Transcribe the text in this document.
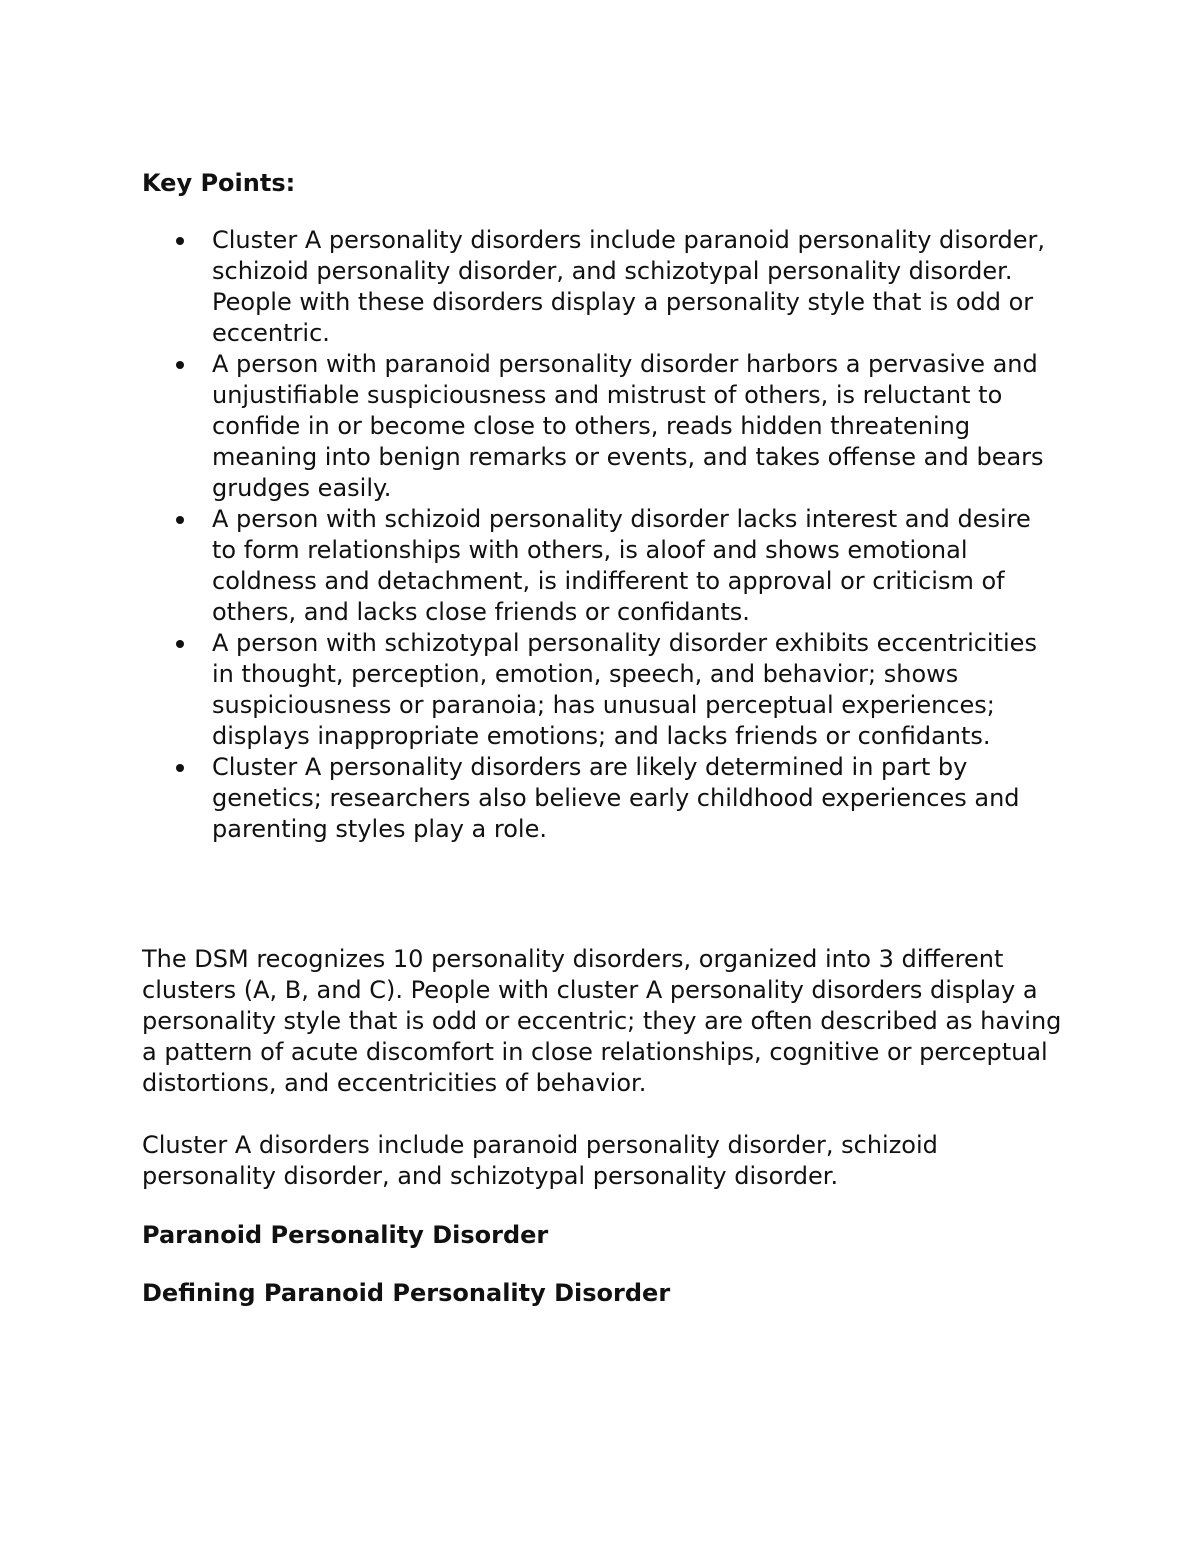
Key Points:

Cluster A personality disorders include paranoid personality disorder, schizoid personality disorder, and schizotypal personality disorder. People with these disorders display a personality style that is odd or eccentric.
A person with paranoid personality disorder harbors a pervasive and unjustifiable suspiciousness and mistrust of others, is reluctant to confide in or become close to others, reads hidden threatening meaning into benign remarks or events, and takes offense and bears grudges easily.
A person with schizoid personality disorder lacks interest and desire to form relationships with others, is aloof and shows emotional coldness and detachment, is indifferent to approval or criticism of others, and lacks close friends or confidants.
A person with schizotypal personality disorder exhibits eccentricities in thought, perception, emotion, speech, and behavior; shows suspiciousness or paranoia; has unusual perceptual experiences; displays inappropriate emotions; and lacks friends or confidants.
Cluster A personality disorders are likely determined in part by genetics; researchers also believe early childhood experiences and parenting styles play a role.

The DSM recognizes 10 personality disorders, organized into 3 different clusters (A, B, and C). People with cluster A personality disorders display a personality style that is odd or eccentric; they are often described as having a pattern of acute discomfort in close relationships, cognitive or perceptual distortions, and eccentricities of behavior.

Cluster A disorders include paranoid personality disorder, schizoid personality disorder, and schizotypal personality disorder.

Paranoid Personality Disorder

Defining Paranoid Personality Disorder
